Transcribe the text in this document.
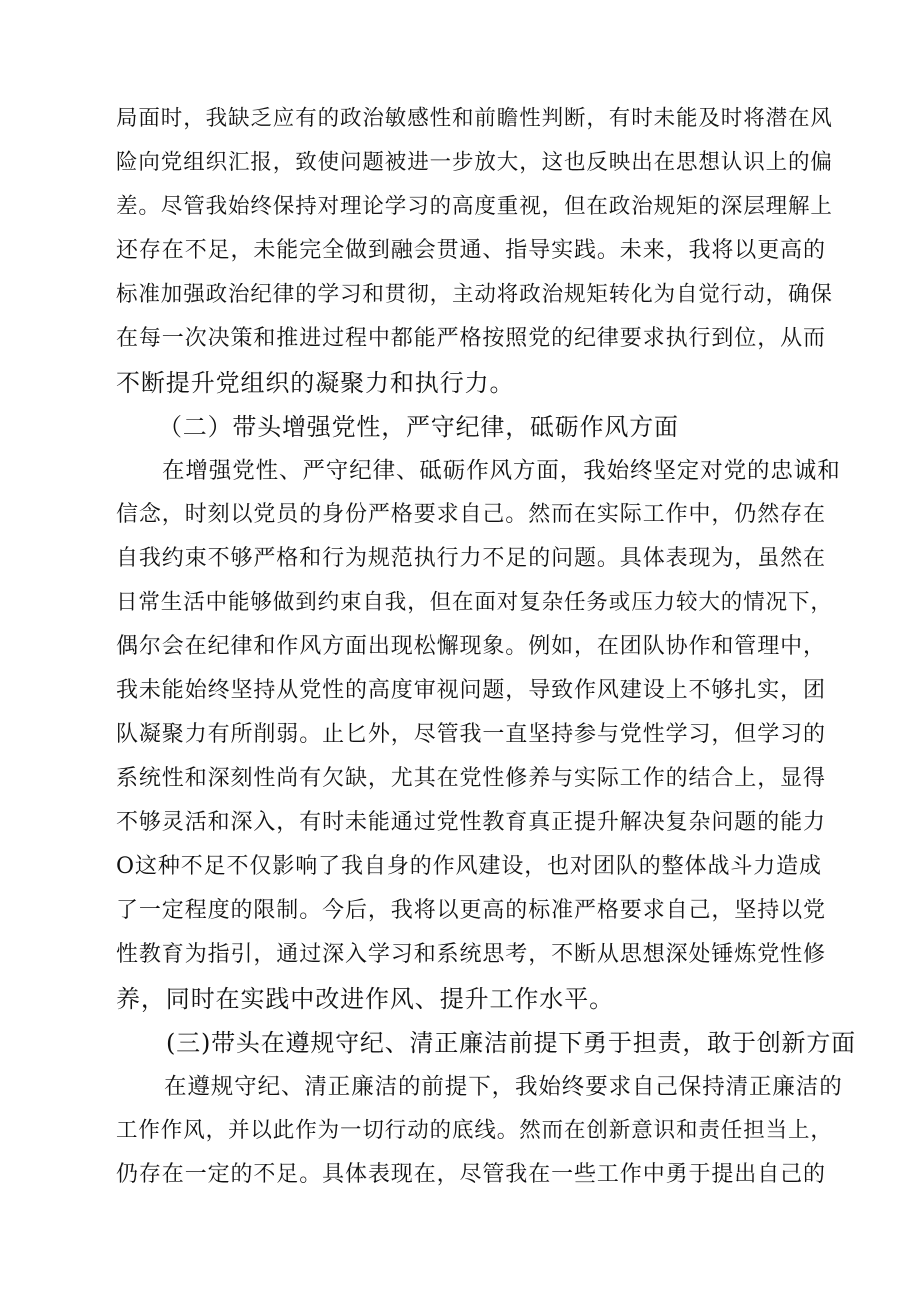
局面时，我缺乏应有的政治敏感性和前瞻性判断，有时未能及时将潜在风
险向党组织汇报，致使问题被进一步放大，这也反映出在思想认识上的偏
差。尽管我始终保持对理论学习的高度重视，但在政治规矩的深层理解上
还存在不足，未能完全做到融会贯通、指导实践。未来，我将以更高的
标准加强政治纪律的学习和贯彻，主动将政治规矩转化为自觉行动，确保
在每一次决策和推进过程中都能严格按照党的纪律要求执行到位，从而
不断提升党组织的凝聚力和执行力。
（二）带头增强党性，严守纪律，砥砺作风方面
在增强党性、严守纪律、砥砺作风方面，我始终坚定对党的忠诚和
信念，时刻以党员的身份严格要求自己。然而在实际工作中，仍然存在
自我约束不够严格和行为规范执行力不足的问题。具体表现为，虽然在
日常生活中能够做到约束自我，但在面对复杂任务或压力较大的情况下，
偶尔会在纪律和作风方面出现松懈现象。例如，在团队协作和管理中，
我未能始终坚持从党性的高度审视问题，导致作风建设上不够扎实，团
队凝聚力有所削弱。止匕外，尽管我一直坚持参与党性学习，但学习的
系统性和深刻性尚有欠缺，尤其在党性修养与实际工作的结合上，显得
不够灵活和深入，有时未能通过党性教育真正提升解决复杂问题的能力
O这种不足不仅影响了我自身的作风建设，也对团队的整体战斗力造成
了一定程度的限制。今后，我将以更高的标准严格要求自己，坚持以党
性教育为指引，通过深入学习和系统思考，不断从思想深处锤炼党性修
养，同时在实践中改进作风、提升工作水平。
(三)带头在遵规守纪、清正廉洁前提下勇于担责，敢于创新方面
在遵规守纪、清正廉洁的前提下，我始终要求自己保持清正廉洁的
工作作风，并以此作为一切行动的底线。然而在创新意识和责任担当上，
仍存在一定的不足。具体表现在，尽管我在一些工作中勇于提出自己的
